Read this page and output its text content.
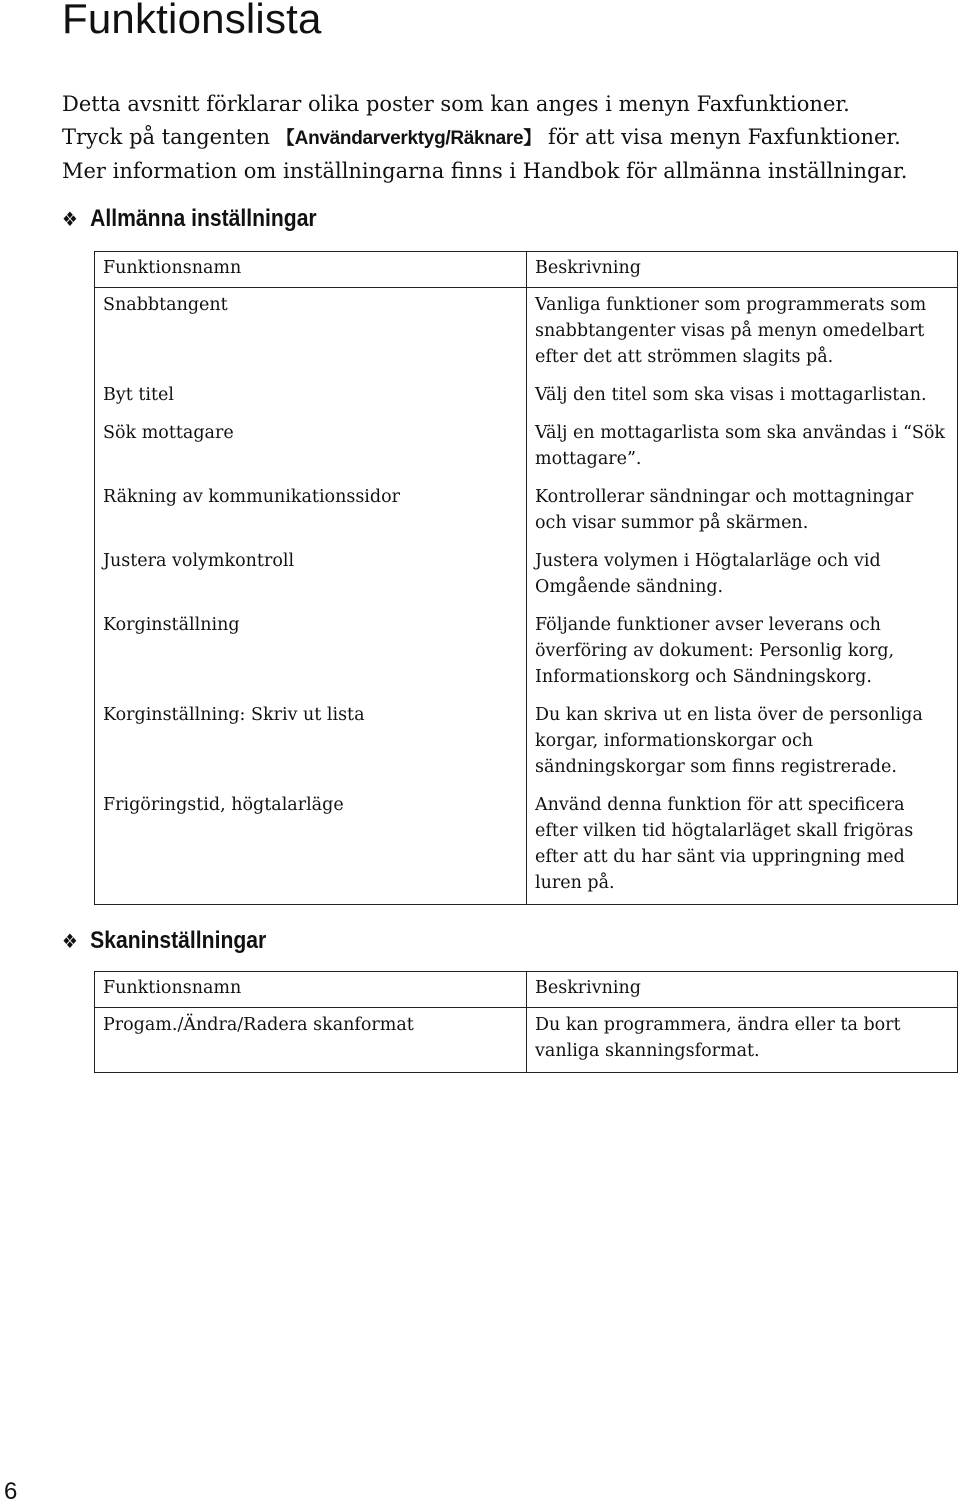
Funktionslista

Detta avsnitt förklarar olika poster som kan anges i menyn Faxfunktioner.

Tryck på tangenten 【Användarverktyg/Räknare】 för att visa menyn Faxfunktioner.

Mer information om inställningarna finns i Handbok för allmänna inställningar.

❖ Allmänna inställningar
Funktionsnamn	Beskrivning
Snabbtangent	Vanliga funktioner som programmerats som snabbtangenter visas på menyn omedelbart efter det att strömmen slagits på.
Byt titel	Välj den titel som ska visas i mottagarlistan.
Sök mottagare	Välj en mottagarlista som ska användas i “Sök mottagare”.
Räkning av kommunikationssidor	Kontrollerar sändningar och mottagningar och visar summor på skärmen.
Justera volymkontroll	Justera volymen i Högtalarläge och vid Omgående sändning.
Korginställning	Följande funktioner avser leverans och överföring av dokument: Personlig korg, Informationskorg och Sändningskorg.
Korginställning: Skriv ut lista	Du kan skriva ut en lista över de personliga korgar, informationskorgar och sändningskorgar som finns registrerade.
Frigöringstid, högtalarläge	Använd denna funktion för att specificera efter vilken tid högtalarläget skall frigöras efter att du har sänt via uppringning med luren på.
❖ Skaninställningar
Funktionsnamn	Beskrivning
Progam./Ändra/Radera skanformat	Du kan programmera, ändra eller ta bort vanliga skanningsformat.
6
